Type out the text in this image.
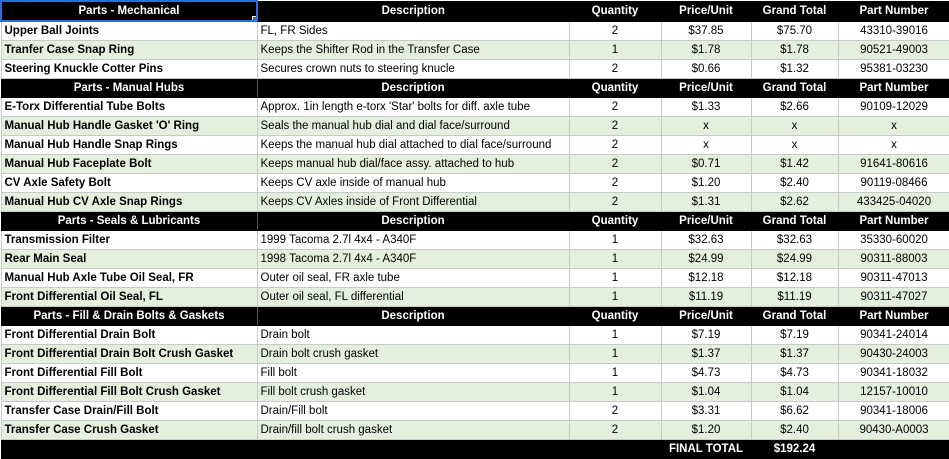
Parts - Mechanical	Description	Quantity	Price/Unit	Grand Total	Part Number
Upper Ball Joints	FL, FR Sides	2	$37.85	$75.70	43310-39016
Tranfer Case Snap Ring	Keeps the Shifter Rod in the Transfer Case	1	$1.78	$1.78	90521-49003
Steering Knuckle Cotter Pins	Secures crown nuts to steering knucle	2	$0.66	$1.32	95381-03230
Parts - Manual Hubs	Description	Quantity	Price/Unit	Grand Total	Part Number
E-Torx Differential Tube Bolts	Approx. 1in length e-torx 'Star' bolts for diff. axle tube	2	$1.33	$2.66	90109-12029
Manual Hub Handle Gasket 'O' Ring	Seals the manual hub dial and dial face/surround	2	x	x	x
Manual Hub Handle Snap Rings	Keeps the manual hub dial attached to dial face/surround	2	x	x	x
Manual Hub Faceplate Bolt	Keeps manual hub dial/face assy. attached to hub	2	$0.71	$1.42	91641-80616
CV Axle Safety Bolt	Keeps CV axle inside of manual hub	2	$1.20	$2.40	90119-08466
Manual Hub CV Axle Snap Rings	Keeps CV Axles inside of Front Differential	2	$1.31	$2.62	433425-04020
Parts - Seals & Lubricants	Description	Quantity	Price/Unit	Grand Total	Part Number
Transmission Filter	1999 Tacoma 2.7l 4x4 - A340F	1	$32.63	$32.63	35330-60020
Rear Main Seal	1998 Tacoma 2.7l 4x4 - A340F	1	$24.99	$24.99	90311-88003
Manual Hub Axle Tube Oil Seal, FR	Outer oil seal, FR axle tube	1	$12.18	$12.18	90311-47013
Front Differential Oil Seal, FL	Outer oil seal, FL differential	1	$11.19	$11.19	90311-47027
Parts - Fill & Drain Bolts & Gaskets	Description	Quantity	Price/Unit	Grand Total	Part Number
Front Differential Drain Bolt	Drain bolt	1	$7.19	$7.19	90341-24014
Front Differential Drain Bolt Crush Gasket	Drain bolt crush gasket	1	$1.37	$1.37	90430-24003
Front Differential Fill Bolt	Fill bolt	1	$4.73	$4.73	90341-18032
Front Differential Fill Bolt Crush Gasket	Fill bolt crush gasket	1	$1.04	$1.04	12157-10010
Transfer Case Drain/Fill Bolt	Drain/Fill bolt	2	$3.31	$6.62	90341-18006
Transfer Case Crush Gasket	Drain/fill bolt crush gasket	2	$1.20	$2.40	90430-A0003
			FINAL TOTAL	$192.24	
